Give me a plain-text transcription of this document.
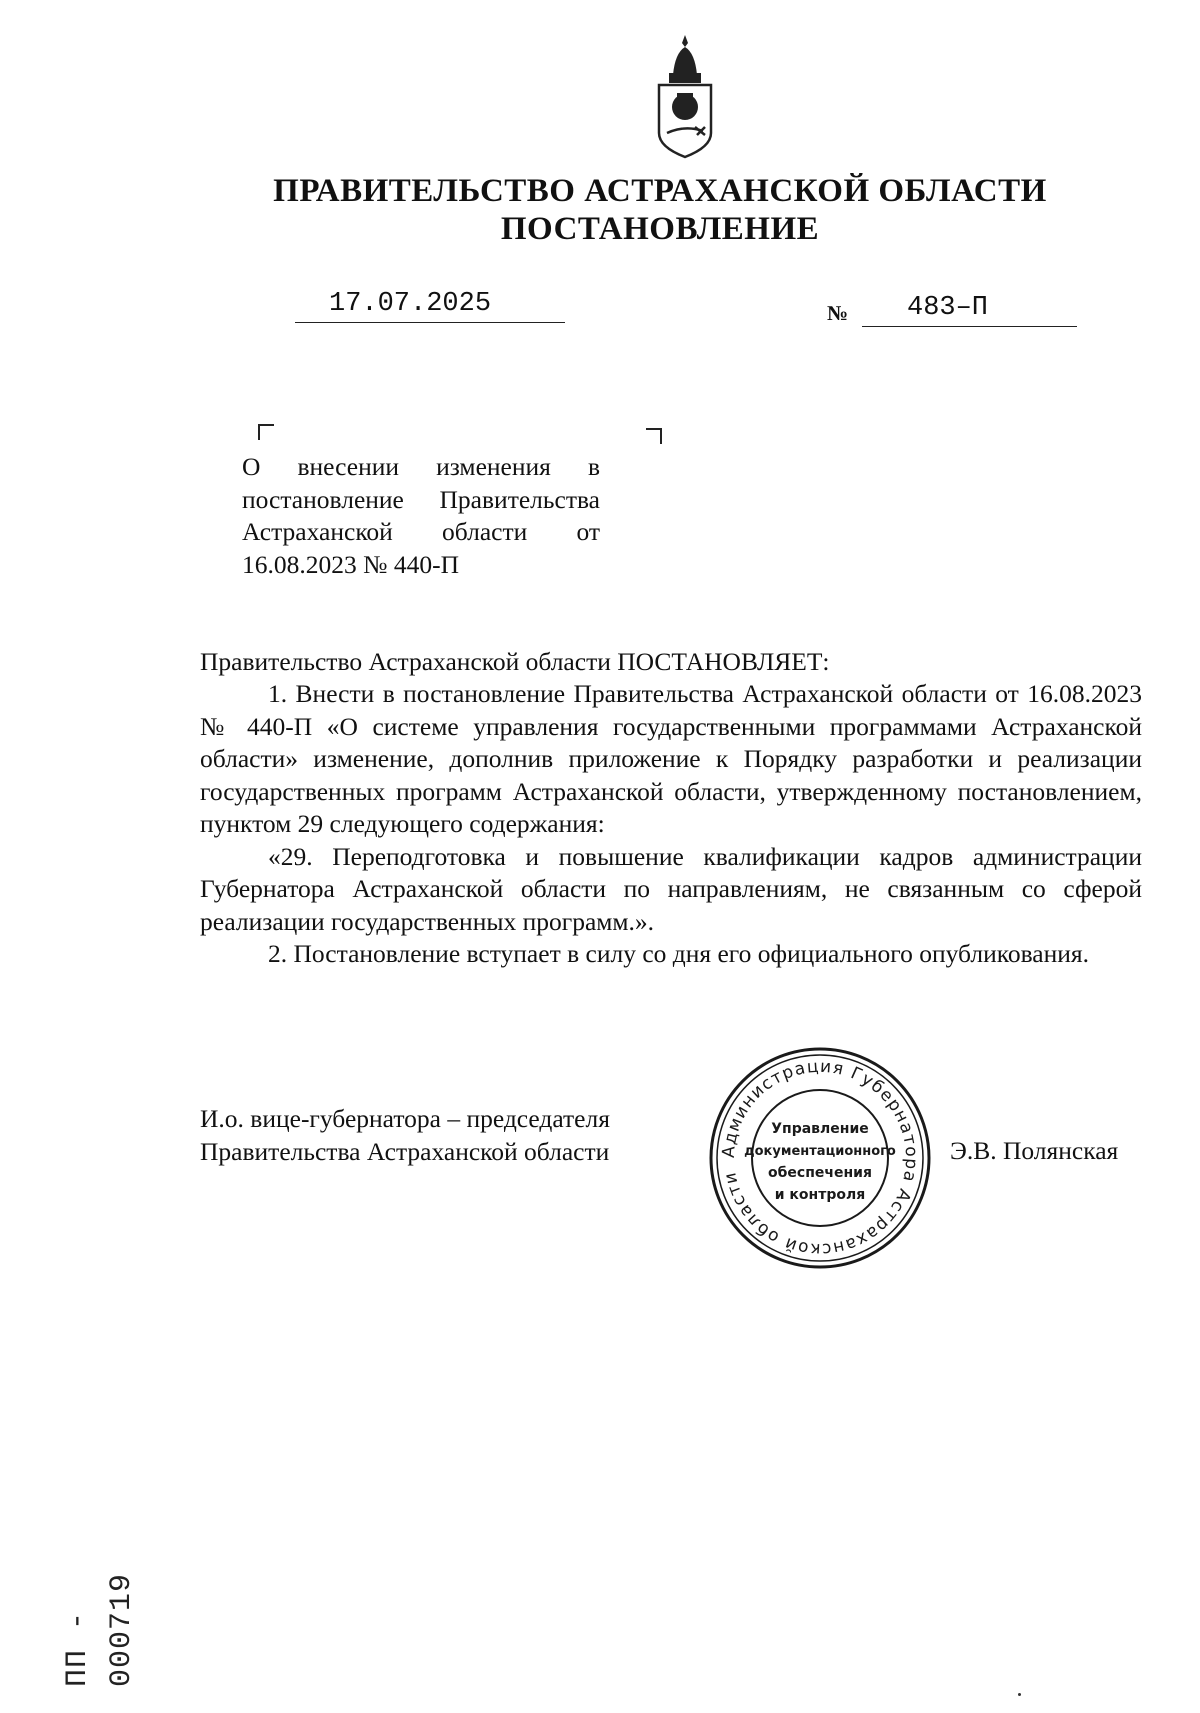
ПРАВИТЕЛЬСТВО АСТРАХАНСКОЙ ОБЛАСТИ
ПОСТАНОВЛЕНИЕ
17.07.2025	№ 483–П
О внесении изменения в
постановление Правительства
Астраханской области от
16.08.2023 № 440-П
Правительство Астраханской области ПОСТАНОВЛЯЕТ:

1. Внести в постановление Правительства Астраханской области от 16.08.2023 № 440-П «О системе управления государственными программами Астраханской области» изменение, дополнив приложение к Порядку разработки и реализации государственных программ Астраханской области, утвержденному постановлением, пунктом 29 следующего содержания:

«29. Переподготовка и повышение квалификации кадров администрации Губернатора Астраханской области по направлениям, не связанным со сферой реализации государственных программ.».

2. Постановление вступает в силу со дня его официального опубликования.

И.о. вице-губернатора – председателя
Правительства Астраханской области	Администрация Губернатора Астраханской области
Управление
документационного
обеспечения
и контроля
Э.В. Полянская
ПП - 000719
